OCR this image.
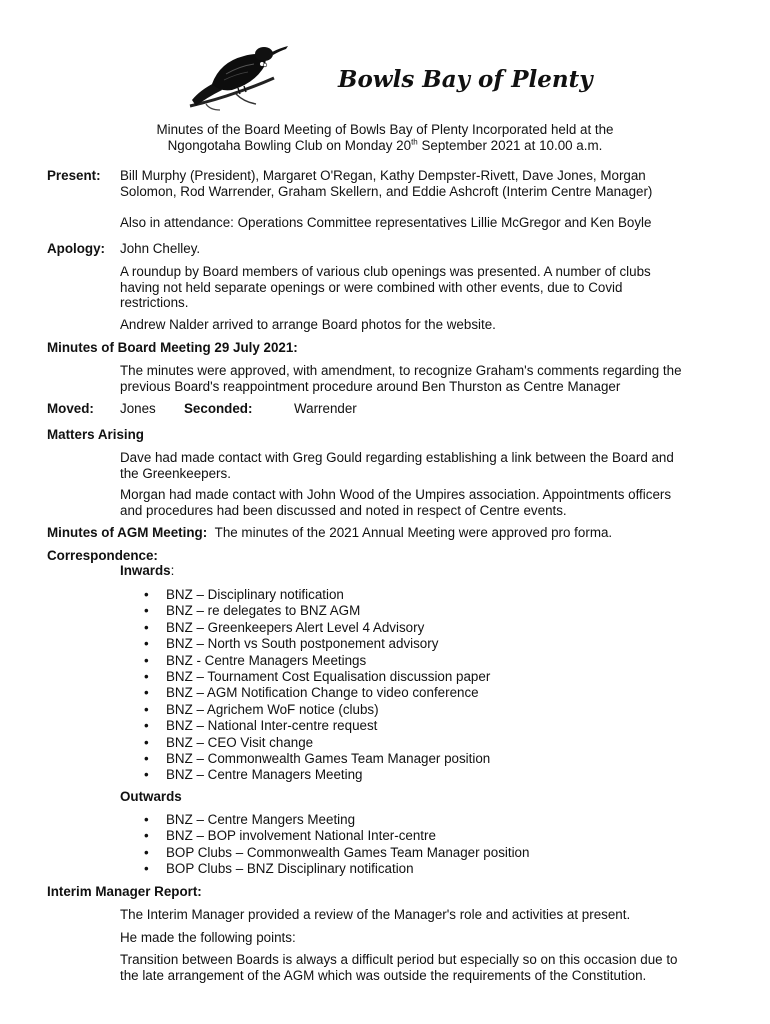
Bowls Bay of Plenty
Minutes of the Board Meeting of Bowls Bay of Plenty Incorporated held at the
Ngongotaha Bowling Club on Monday 20th September 2021 at 10.00 a.m.
Present: Bill Murphy (President), Margaret O'Regan, Kathy Dempster-Rivett, Dave Jones, Morgan
Solomon, Rod Warrender, Graham Skellern, and Eddie Ashcroft (Interim Centre Manager)
Also in attendance: Operations Committee representatives Lillie McGregor and Ken Boyle
Apology: John Chelley.
A roundup by Board members of various club openings was presented. A number of clubs
having not held separate openings or were combined with other events, due to Covid
restrictions.
Andrew Nalder arrived to arrange Board photos for the website.
Minutes of Board Meeting 29 July 2021:
The minutes were approved, with amendment, to recognize Graham's comments regarding the
previous Board's reappointment procedure around Ben Thurston as Centre Manager
Moved: Jones Seconded:	Warrender
Matters Arising
Dave had made contact with Greg Gould regarding establishing a link between the Board and
the Greenkeepers.
Morgan had made contact with John Wood of the Umpires association. Appointments officers
and procedures had been discussed and noted in respect of Centre events.
Minutes of AGM Meeting: The minutes of the 2021 Annual Meeting were approved pro forma.
Correspondence:
Inwards:
• BNZ – Disciplinary notification
• BNZ – re delegates to BNZ AGM
• BNZ – Greenkeepers Alert Level 4 Advisory
• BNZ – North vs South postponement advisory
• BNZ - Centre Managers Meetings
• BNZ – Tournament Cost Equalisation discussion paper
• BNZ – AGM Notification Change to video conference
• BNZ – Agrichem WoF notice (clubs)
• BNZ – National Inter-centre request
• BNZ – CEO Visit change
• BNZ – Commonwealth Games Team Manager position
• BNZ – Centre Managers Meeting
Outwards
• BNZ – Centre Mangers Meeting
• BNZ – BOP involvement National Inter-centre
• BOP Clubs – Commonwealth Games Team Manager position
• BOP Clubs – BNZ Disciplinary notification
Interim Manager Report:
The Interim Manager provided a review of the Manager's role and activities at present.
He made the following points:
Transition between Boards is always a difficult period but especially so on this occasion due to
the late arrangement of the AGM which was outside the requirements of the Constitution.
